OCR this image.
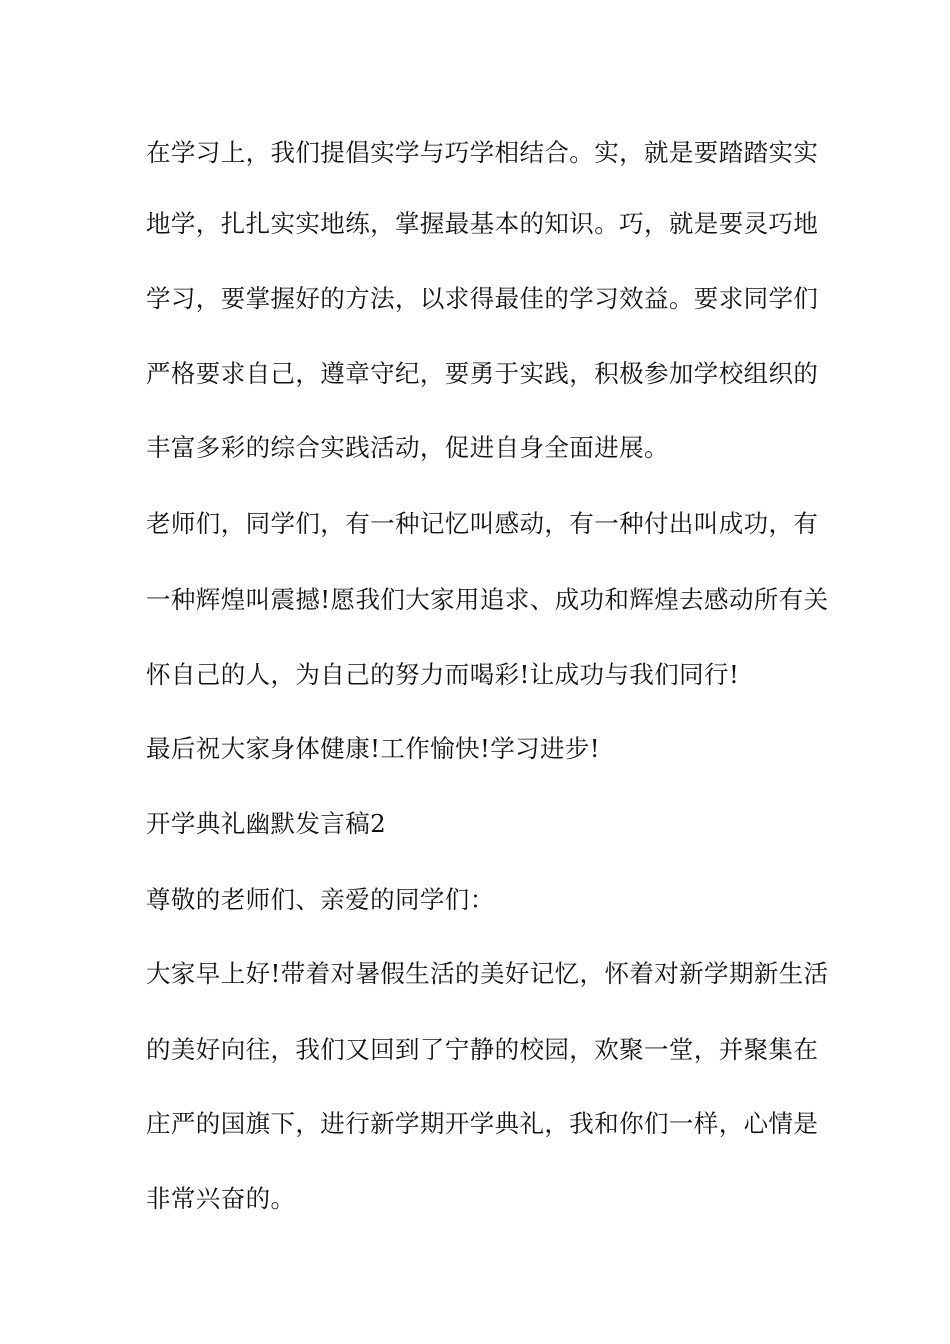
在学习上，我们提倡实学与巧学相结合。实，就是要踏踏实实
地学，扎扎实实地练，掌握最基本的知识。巧，就是要灵巧地
学习，要掌握好的方法，以求得最佳的学习效益。要求同学们
严格要求自己，遵章守纪，要勇于实践，积极参加学校组织的
丰富多彩的综合实践活动，促进自身全面进展。
老师们，同学们，有一种记忆叫感动，有一种付出叫成功，有
一种辉煌叫震撼!愿我们大家用追求、成功和辉煌去感动所有关
怀自己的人，为自己的努力而喝彩!让成功与我们同行!
最后祝大家身体健康!工作愉快!学习进步!
开学典礼幽默发言稿2
尊敬的老师们、亲爱的同学们：
大家早上好!带着对暑假生活的美好记忆，怀着对新学期新生活
的美好向往，我们又回到了宁静的校园，欢聚一堂，并聚集在
庄严的国旗下，进行新学期开学典礼，我和你们一样，心情是
非常兴奋的。
